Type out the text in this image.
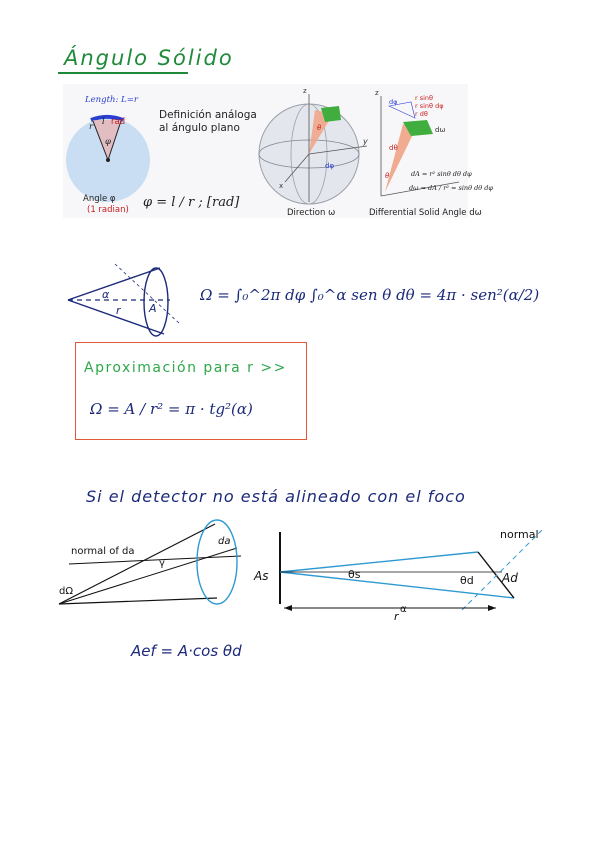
Ángulo Sólido
Length: L=r
rad
l
r
φ
Angle φ
(1 radian)
Definición análoga
al ángulo plano
φ = l / r ; [rad]
z
y
x
θ
dφ
Direction ω
z
dφ	r sinθ
r sinθ dφ
r dθ
dω
dθ
θ	dA = r² sinθ dθ dφ
dω = dA / r² = sinθ dθ dφ
Differential Solid Angle dω
α
r	A
Ω = ∫₀^2π dφ ∫₀^α sen θ dθ = 4π · sen²(α/2)
Aproximación para r >>
Ω = A / r² = π · tg²(α)
Si el detector no está alineado con el foco
normal of da
da
γ
dΩ
normal
As	Ad
θs	θd
r
α
Aef = A·cos θd
